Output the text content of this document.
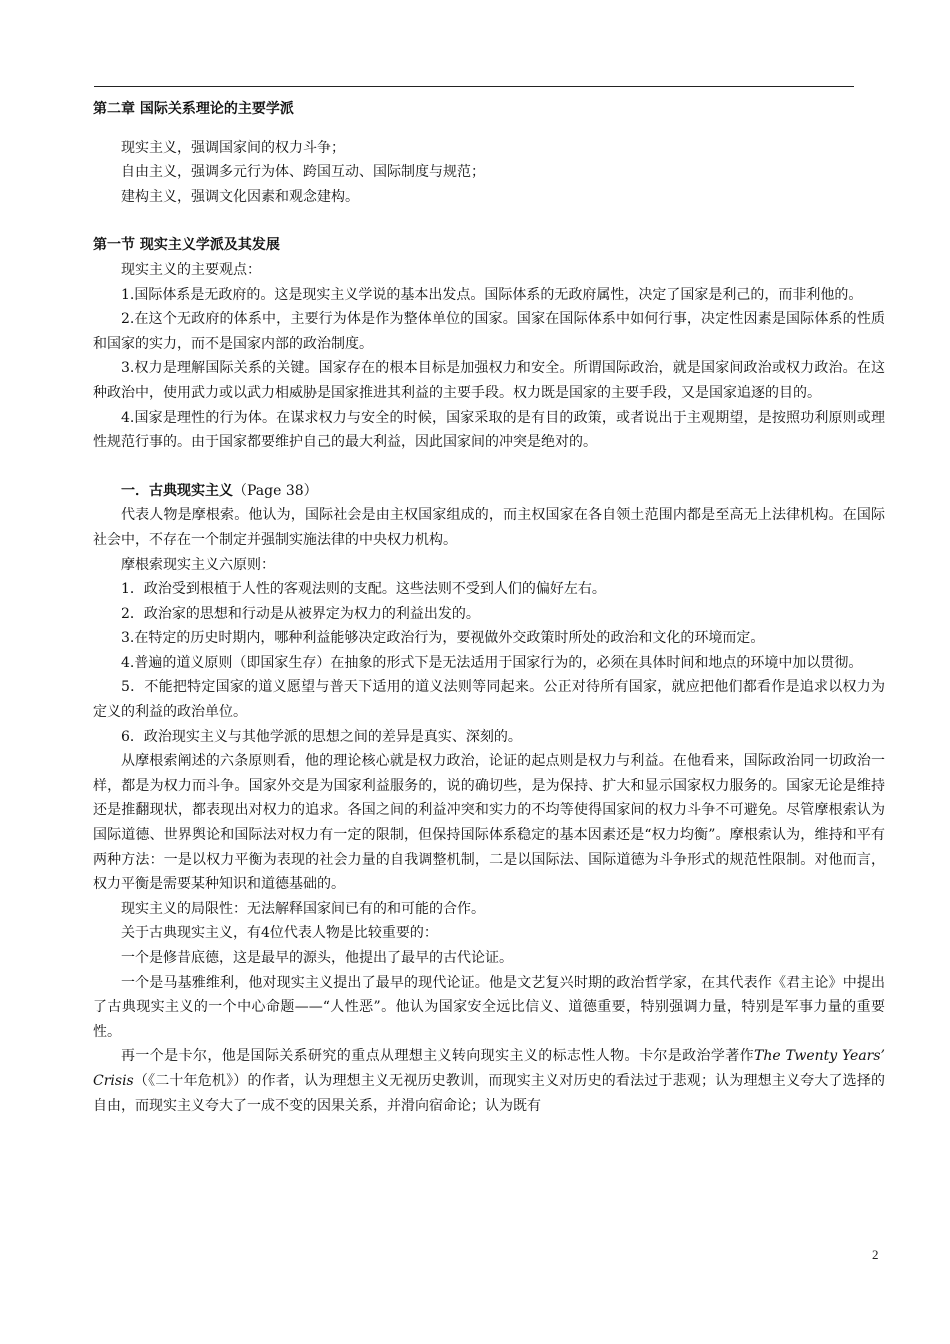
第二章 国际关系理论的主要学派

现实主义，强调国家间的权力斗争；

自由主义，强调多元行为体、跨国互动、国际制度与规范；

建构主义，强调文化因素和观念建构。

第一节 现实主义学派及其发展

现实主义的主要观点：

1.国际体系是无政府的。这是现实主义学说的基本出发点。国际体系的无政府属性，决定了国家是利己的，而非利他的。

2.在这个无政府的体系中，主要行为体是作为整体单位的国家。国家在国际体系中如何行事，决定性因素是国际体系的性质和国家的实力，而不是国家内部的政治制度。

3.权力是理解国际关系的关键。国家存在的根本目标是加强权力和安全。所谓国际政治，就是国家间政治或权力政治。在这种政治中，使用武力或以武力相威胁是国家推进其利益的主要手段。权力既是国家的主要手段，又是国家追逐的目的。

4.国家是理性的行为体。在谋求权力与安全的时候，国家采取的是有目的政策，或者说出于主观期望，是按照功利原则或理性规范行事的。由于国家都要维护自己的最大利益，因此国家间的冲突是绝对的。

一．古典现实主义（Page 38）

代表人物是摩根索。他认为，国际社会是由主权国家组成的，而主权国家在各自领土范围内都是至高无上法律机构。在国际社会中，不存在一个制定并强制实施法律的中央权力机构。

摩根索现实主义六原则：

1．政治受到根植于人性的客观法则的支配。这些法则不受到人们的偏好左右。

2．政治家的思想和行动是从被界定为权力的利益出发的。

3.在特定的历史时期内，哪种利益能够决定政治行为，要视做外交政策时所处的政治和文化的环境而定。

4.普遍的道义原则（即国家生存）在抽象的形式下是无法适用于国家行为的，必须在具体时间和地点的环境中加以贯彻。

5．不能把特定国家的道义愿望与普天下适用的道义法则等同起来。公正对待所有国家，就应把他们都看作是追求以权力为定义的利益的政治单位。

6．政治现实主义与其他学派的思想之间的差异是真实、深刻的。

从摩根索阐述的六条原则看，他的理论核心就是权力政治，论证的起点则是权力与利益。在他看来，国际政治同一切政治一样，都是为权力而斗争。国家外交是为国家利益服务的，说的确切些，是为保持、扩大和显示国家权力服务的。国家无论是维持还是推翻现状，都表现出对权力的追求。各国之间的利益冲突和实力的不均等使得国家间的权力斗争不可避免。尽管摩根索认为国际道德、世界舆论和国际法对权力有一定的限制，但保持国际体系稳定的基本因素还是“权力均衡”。摩根索认为，维持和平有两种方法：一是以权力平衡为表现的社会力量的自我调整机制，二是以国际法、国际道德为斗争形式的规范性限制。对他而言，权力平衡是需要某种知识和道德基础的。

现实主义的局限性：无法解释国家间已有的和可能的合作。

关于古典现实主义，有4位代表人物是比较重要的：

一个是修昔底德，这是最早的源头，他提出了最早的古代论证。

一个是马基雅维利，他对现实主义提出了最早的现代论证。他是文艺复兴时期的政治哲学家，在其代表作《君主论》中提出了古典现实主义的一个中心命题——“人性恶”。他认为国家安全远比信义、道德重要，特别强调力量，特别是军事力量的重要性。

再一个是卡尔，他是国际关系研究的重点从理想主义转向现实主义的标志性人物。卡尔是政治学著作The Twenty Years’ Crisis（《二十年危机》）的作者，认为理想主义无视历史教训，而现实主义对历史的看法过于悲观；认为理想主义夸大了选择的自由，而现实主义夸大了一成不变的因果关系，并滑向宿命论；认为既有

2
